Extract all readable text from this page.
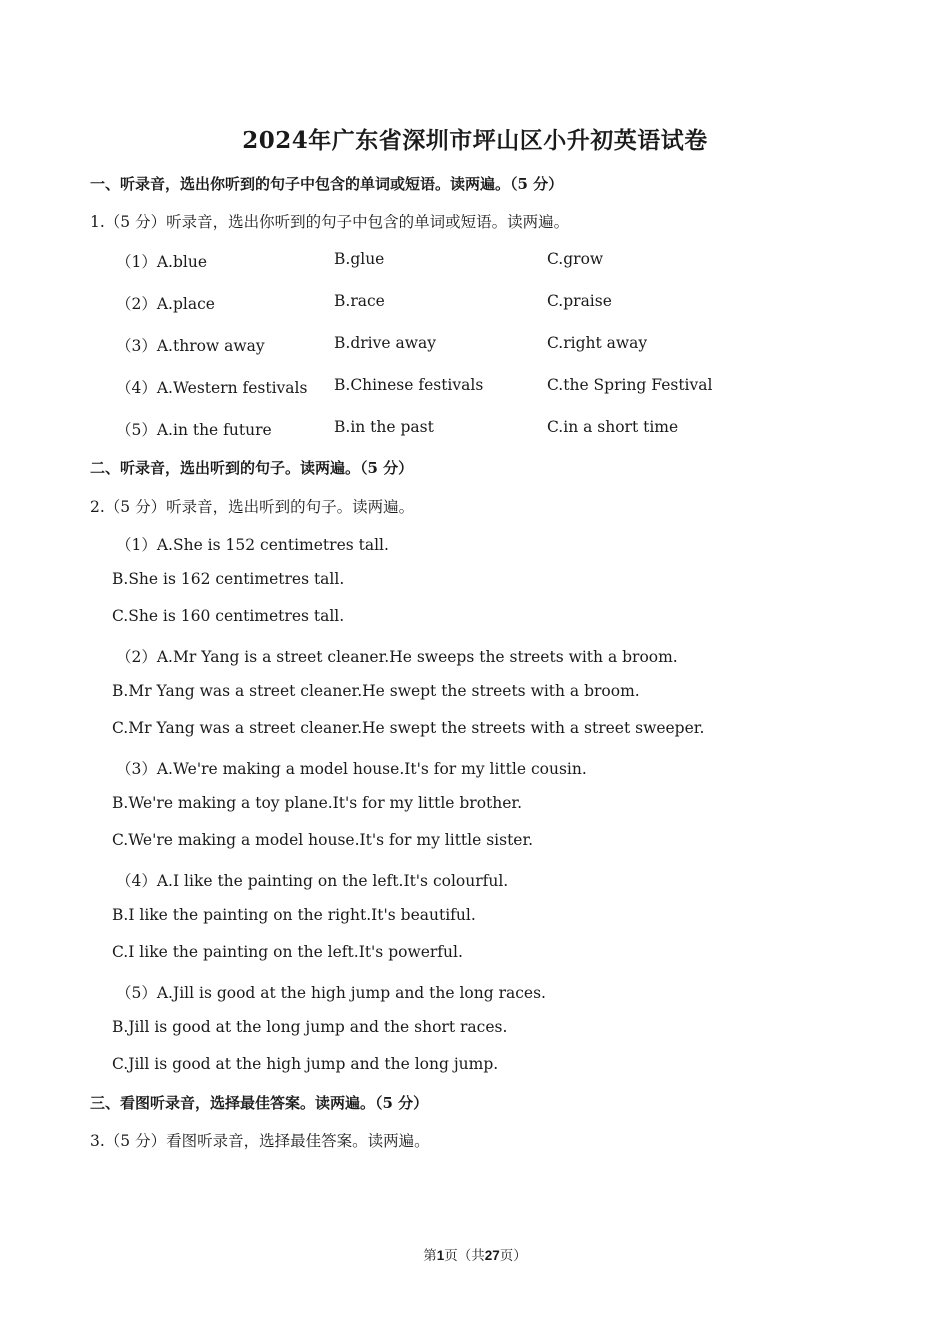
2024年广东省深圳市坪山区小升初英语试卷
一、听录音，选出你听到的句子中包含的单词或短语。读两遍。（5 分）
1.（5 分）听录音，选出你听到的句子中包含的单词或短语。读两遍。
（1）A.blue	B.glue	C.grow
（2）A.place	B.race	C.praise
（3）A.throw away	B.drive away	C.right away
（4）A.Western festivals B.Chinese festivals	C.the Spring Festival
（5）A.in the future	B.in the past	C.in a short time
二、听录音，选出听到的句子。读两遍。（5 分）
2.（5 分）听录音，选出听到的句子。读两遍。
（1）A.She is 152 centimetres tall.
B.She is 162 centimetres tall.
C.She is 160 centimetres tall.
（2）A.Mr Yang is a street cleaner.He sweeps the streets with a broom.
B.Mr Yang was a street cleaner.He swept the streets with a broom.
C.Mr Yang was a street cleaner.He swept the streets with a street sweeper.
（3）A.We're making a model house.It's for my little cousin.
B.We're making a toy plane.It's for my little brother.
C.We're making a model house.It's for my little sister.
（4）A.I like the painting on the left.It's colourful.
B.I like the painting on the right.It's beautiful.
C.I like the painting on the left.It's powerful.
（5）A.Jill is good at the high jump and the long races.
B.Jill is good at the long jump and the short races.
C.Jill is good at the high jump and the long jump.
三、看图听录音，选择最佳答案。读两遍。（5 分）
3.（5 分）看图听录音，选择最佳答案。读两遍。
第1页（共27页）
